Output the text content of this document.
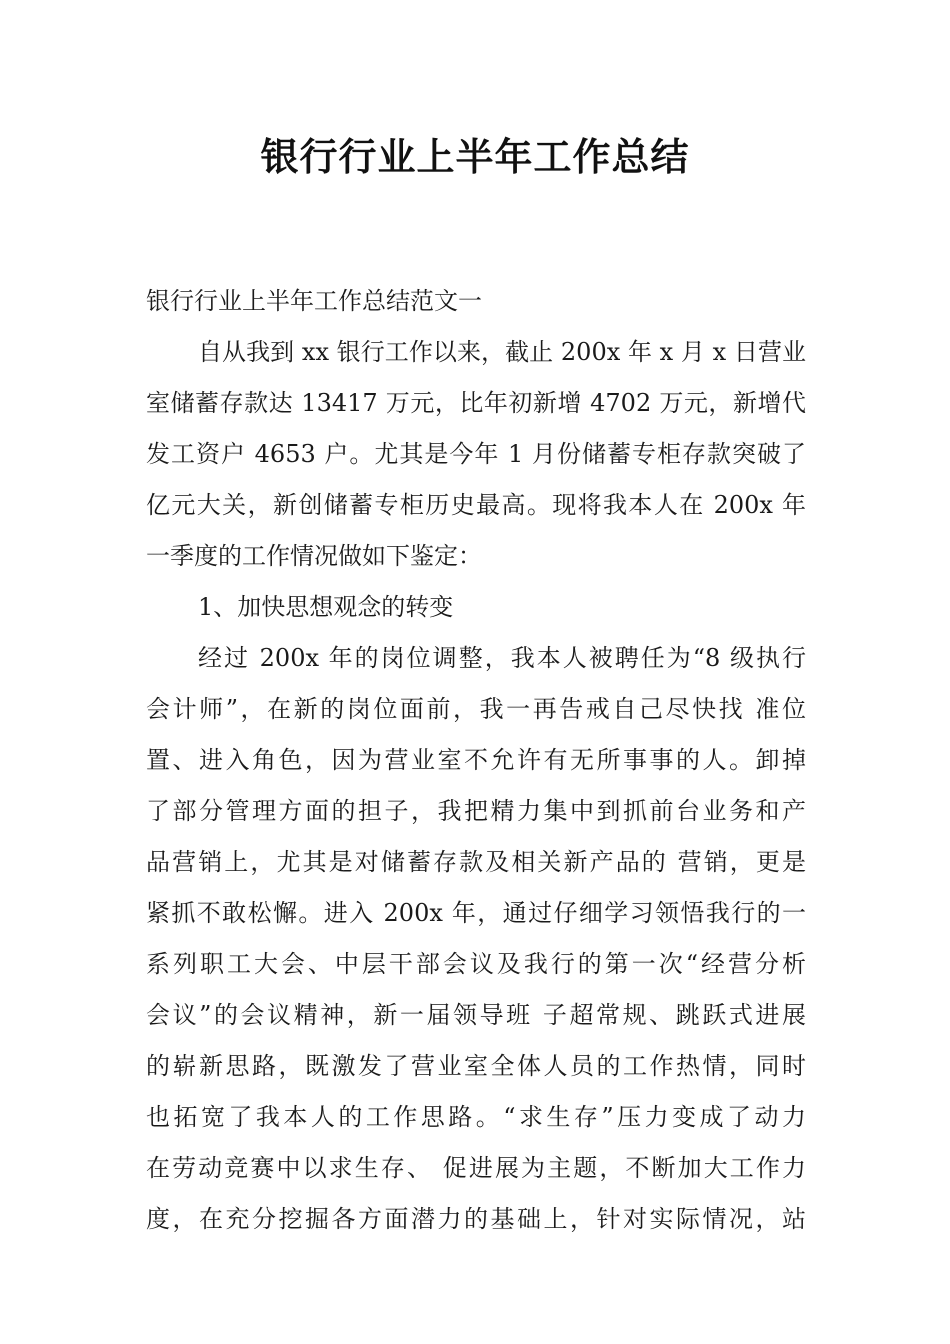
银行行业上半年工作总结
银行行业上半年工作总结范文一
自从我到 xx 银行工作以来，截止 200x 年 x 月 x 日营业
室储蓄存款达 13417 万元，比年初新增 4702 万元，新增代
发工资户 4653 户。尤其是今年 1 月份储蓄专柜存款突破了
亿元大关，新创储蓄专柜历史最高。现将我本人在 200x 年
一季度的工作情况做如下鉴定：
1、加快思想观念的转变
经过 200x 年的岗位调整，我本人被聘任为“8 级执行
会计师”，在新的岗位面前，我一再告戒自己尽快找 准位
置、进入角色，因为营业室不允许有无所事事的人。卸掉
了部分管理方面的担子，我把精力集中到抓前台业务和产
品营销上，尤其是对储蓄存款及相关新产品的 营销，更是
紧抓不敢松懈。进入 200x 年，通过仔细学习领悟我行的一
系列职工大会、中层干部会议及我行的第一次“经营分析
会议”的会议精神，新一届领导班 子超常规、跳跃式进展
的崭新思路，既激发了营业室全体人员的工作热情，同时
也拓宽了我本人的工作思路。“求生存”压力变成了动力
在劳动竞赛中以求生存、 促进展为主题，不断加大工作力
度，在充分挖掘各方面潜力的基础上，针对实际情况，站
